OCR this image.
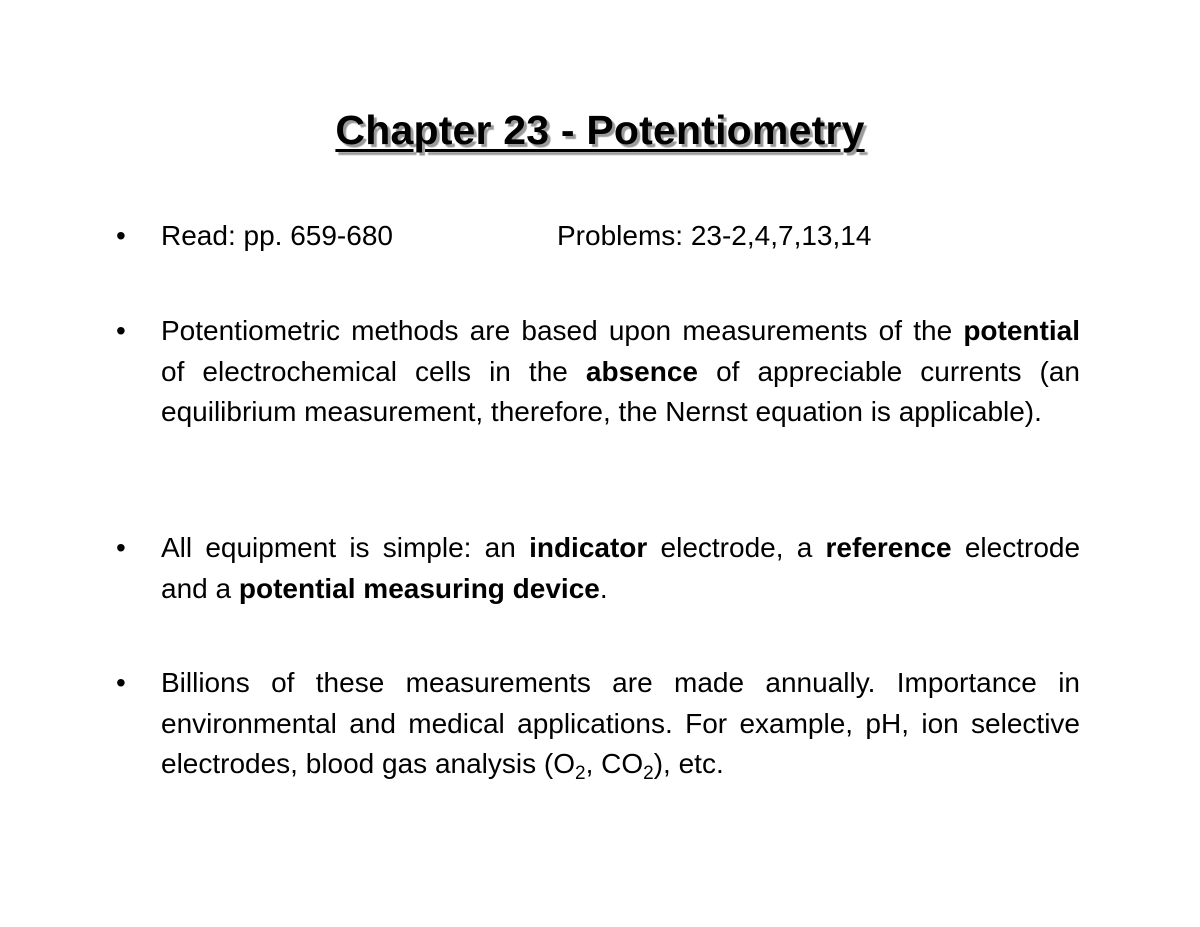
Chapter 23 - Potentiometry
• Read: pp. 659-680	Problems: 23-2,4,7,13,14
• Potentiometric methods are based upon measurements of the potential of electrochemical cells in the absence of appreciable currents (an equilibrium measurement, therefore, the Nernst equation is applicable).
• All equipment is simple: an indicator electrode, a reference electrode and a potential measuring device.
• Billions of these measurements are made annually. Importance in environmental and medical applications. For example, pH, ion selective electrodes, blood gas analysis ($O_2$, $CO_2$), etc.
